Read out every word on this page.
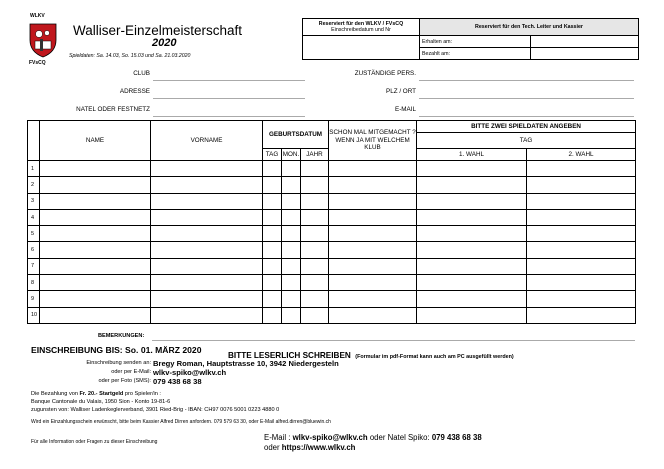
WLKV
FVsCQ
Walliser-Einzelmeisterschaft
2020
Spieldaten: Sa. 14.03, So. 15.03 und Sa. 21.03.2020
Reserviert für den WLKV / FVsCQ
Einschreibedatum und Nr	Reserviert für den Tech. Leiter und Kassier	
	Erhalten am:	
	Bezahlt am:	
CLUB
ADRESSE
NATEL ODER FESTNETZ
ZUSTÄNDIGE PERS.
PLZ / ORT
E-MAIL
	NAME	VORNAME	GEBURTSDATUM			SCHON MAL MITGEMACHT ? WENN JA MIT WELCHEM KLUB	BITTE ZWEI SPIELDATEN ANGEBEN	
							TAG	
			TAG	MON.	JAHR		1. WAHL	2. WAHL
1								
2								
3								
4								
5								
6								
7								
8								
9								
10								
BEMERKUNGEN:
EINSCHREIBUNG BIS: So. 01. MÄRZ 2020
BITTE LESERLICH SCHREIBEN (Formular im pdf-Format kann auch am PC ausgefüllt werden)
Einschreibung senden an: Bregy Roman, Hauptstrasse 10, 3942 Niedergesteln
oder per E-Mail: wlkv-spiko@wlkv.ch
oder per Foto (SMS): 079 438 68 38
Die Bezahlung von Fr. 20.- Startgeld pro Spieler/in :
Banque Cantonale du Valais, 1950 Sion - Konto 19-81-6
zugunsten von: Walliser Ladenkeglerverband, 3901 Ried-Brig - IBAN: CH97 0076 5001 0223 4880 0
Wird ein Einzahlungsschein erwünscht, bitte beim Kassier Alfred Dirren anfordern. 079 579 63 30, oder E-Mail alfred.dirren@bluewin.ch
Für alle Information oder Fragen zu dieser Einschreibung	E-Mail : wlkv-spiko@wlkv.ch oder Natel Spiko: 079 438 68 38
oder https://www.wlkv.ch
